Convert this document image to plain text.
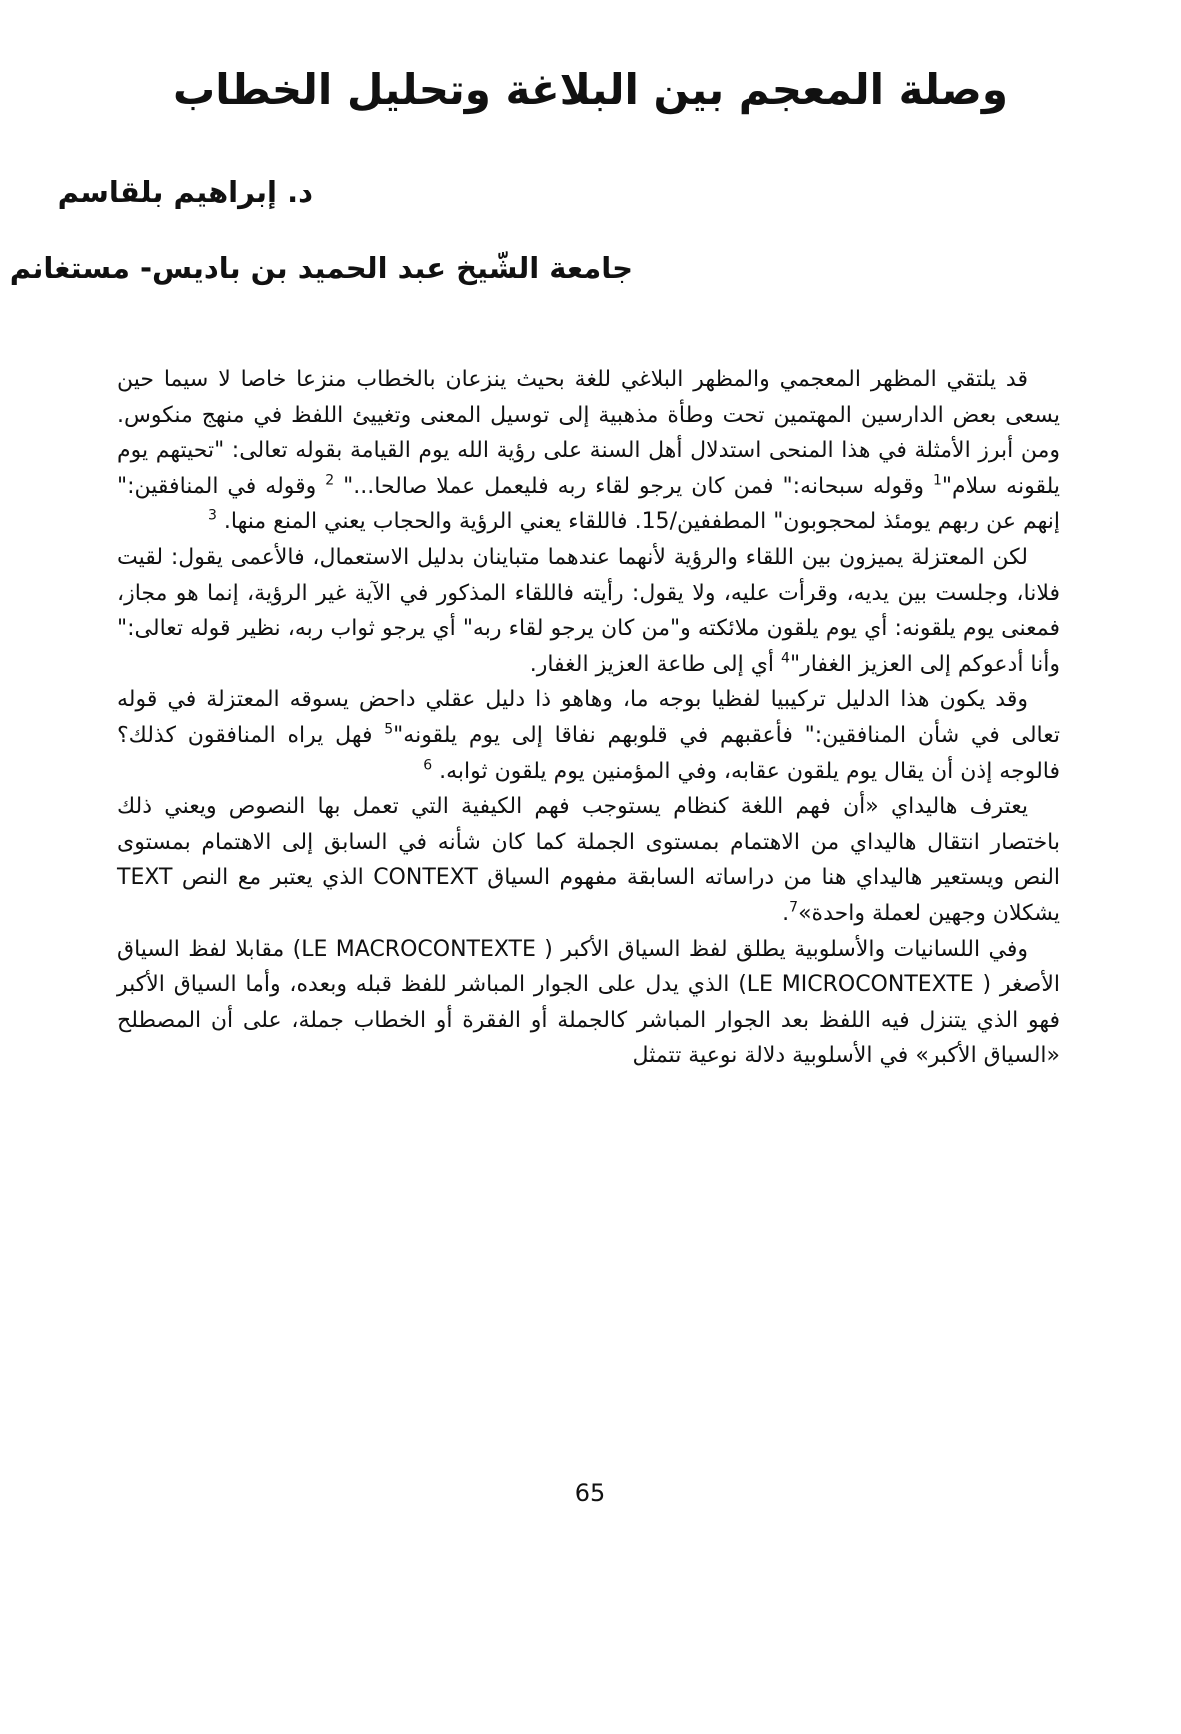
وصلة المعجم بين البلاغة وتحليل الخطاب
د. إبراهيم بلقاسم
جامعة الشّيخ عبد الحميد بن باديس- مستغانم

قد يلتقي المظهر المعجمي والمظهر البلاغي للغة بحيث ينزعان بالخطاب منزعا خاصا لا سيما حين يسعى بعض الدارسين المهتمين تحت وطأة مذهبية إلى توسيل المعنى وتغييئ اللفظ في منهج منكوس. ومن أبرز الأمثلة في هذا المنحى استدلال أهل السنة على رؤية الله يوم القيامة بقوله تعالى: "تحيتهم يوم يلقونه سلام"$^1$ وقوله سبحانه:" فمن كان يرجو لقاء ربه فليعمل عملا صالحا..." $^2$ وقوله في المنافقين:" إنهم عن ربهم يومئذ لمحجوبون" المطففين/15. فاللقاء يعني الرؤية والحجاب يعني المنع منها. $^3$

لكن المعتزلة يميزون بين اللقاء والرؤية لأنهما عندهما متباينان بدليل الاستعمال، فالأعمى يقول: لقيت فلانا، وجلست بين يديه، وقرأت عليه، ولا يقول: رأيته فاللقاء المذكور في الآية غير الرؤية، إنما هو مجاز، فمعنى يوم يلقونه: أي يوم يلقون ملائكته و"من كان يرجو لقاء ربه" أي يرجو ثواب ربه، نظير قوله تعالى:" وأنا أدعوكم إلى العزيز الغفار"$^4$ أي إلى طاعة العزيز الغفار.

وقد يكون هذا الدليل تركيبيا لفظيا بوجه ما، وهاهو ذا دليل عقلي داحض يسوقه المعتزلة في قوله تعالى في شأن المنافقين:" فأعقبهم في قلوبهم نفاقا إلى يوم يلقونه"$^5$ فهل يراه المنافقون كذلك؟ فالوجه إذن أن يقال يوم يلقون عقابه، وفي المؤمنين يوم يلقون ثوابه. $^6$

يعترف هاليداي «أن فهم اللغة كنظام يستوجب فهم الكيفية التي تعمل بها النصوص ويعني ذلك باختصار انتقال هاليداي من الاهتمام بمستوى الجملة كما كان شأنه في السابق إلى الاهتمام بمستوى النص ويستعير هاليداي هنا من دراساته السابقة مفهوم السياق CONTEXT الذي يعتبر مع النص TEXT يشكلان وجهين لعملة واحدة»$^7$.

وفي اللسانيات والأسلوبية يطلق لفظ السياق الأكبر ( LE MACROCONTEXTE) مقابلا لفظ السياق الأصغر ( LE MICROCONTEXTE) الذي يدل على الجوار المباشر للفظ قبله وبعده، وأما السياق الأكبر فهو الذي يتنزل فيه اللفظ بعد الجوار المباشر كالجملة أو الفقرة أو الخطاب جملة، على أن المصطلح «السياق الأكبر» في الأسلوبية دلالة نوعية تتمثل

65
